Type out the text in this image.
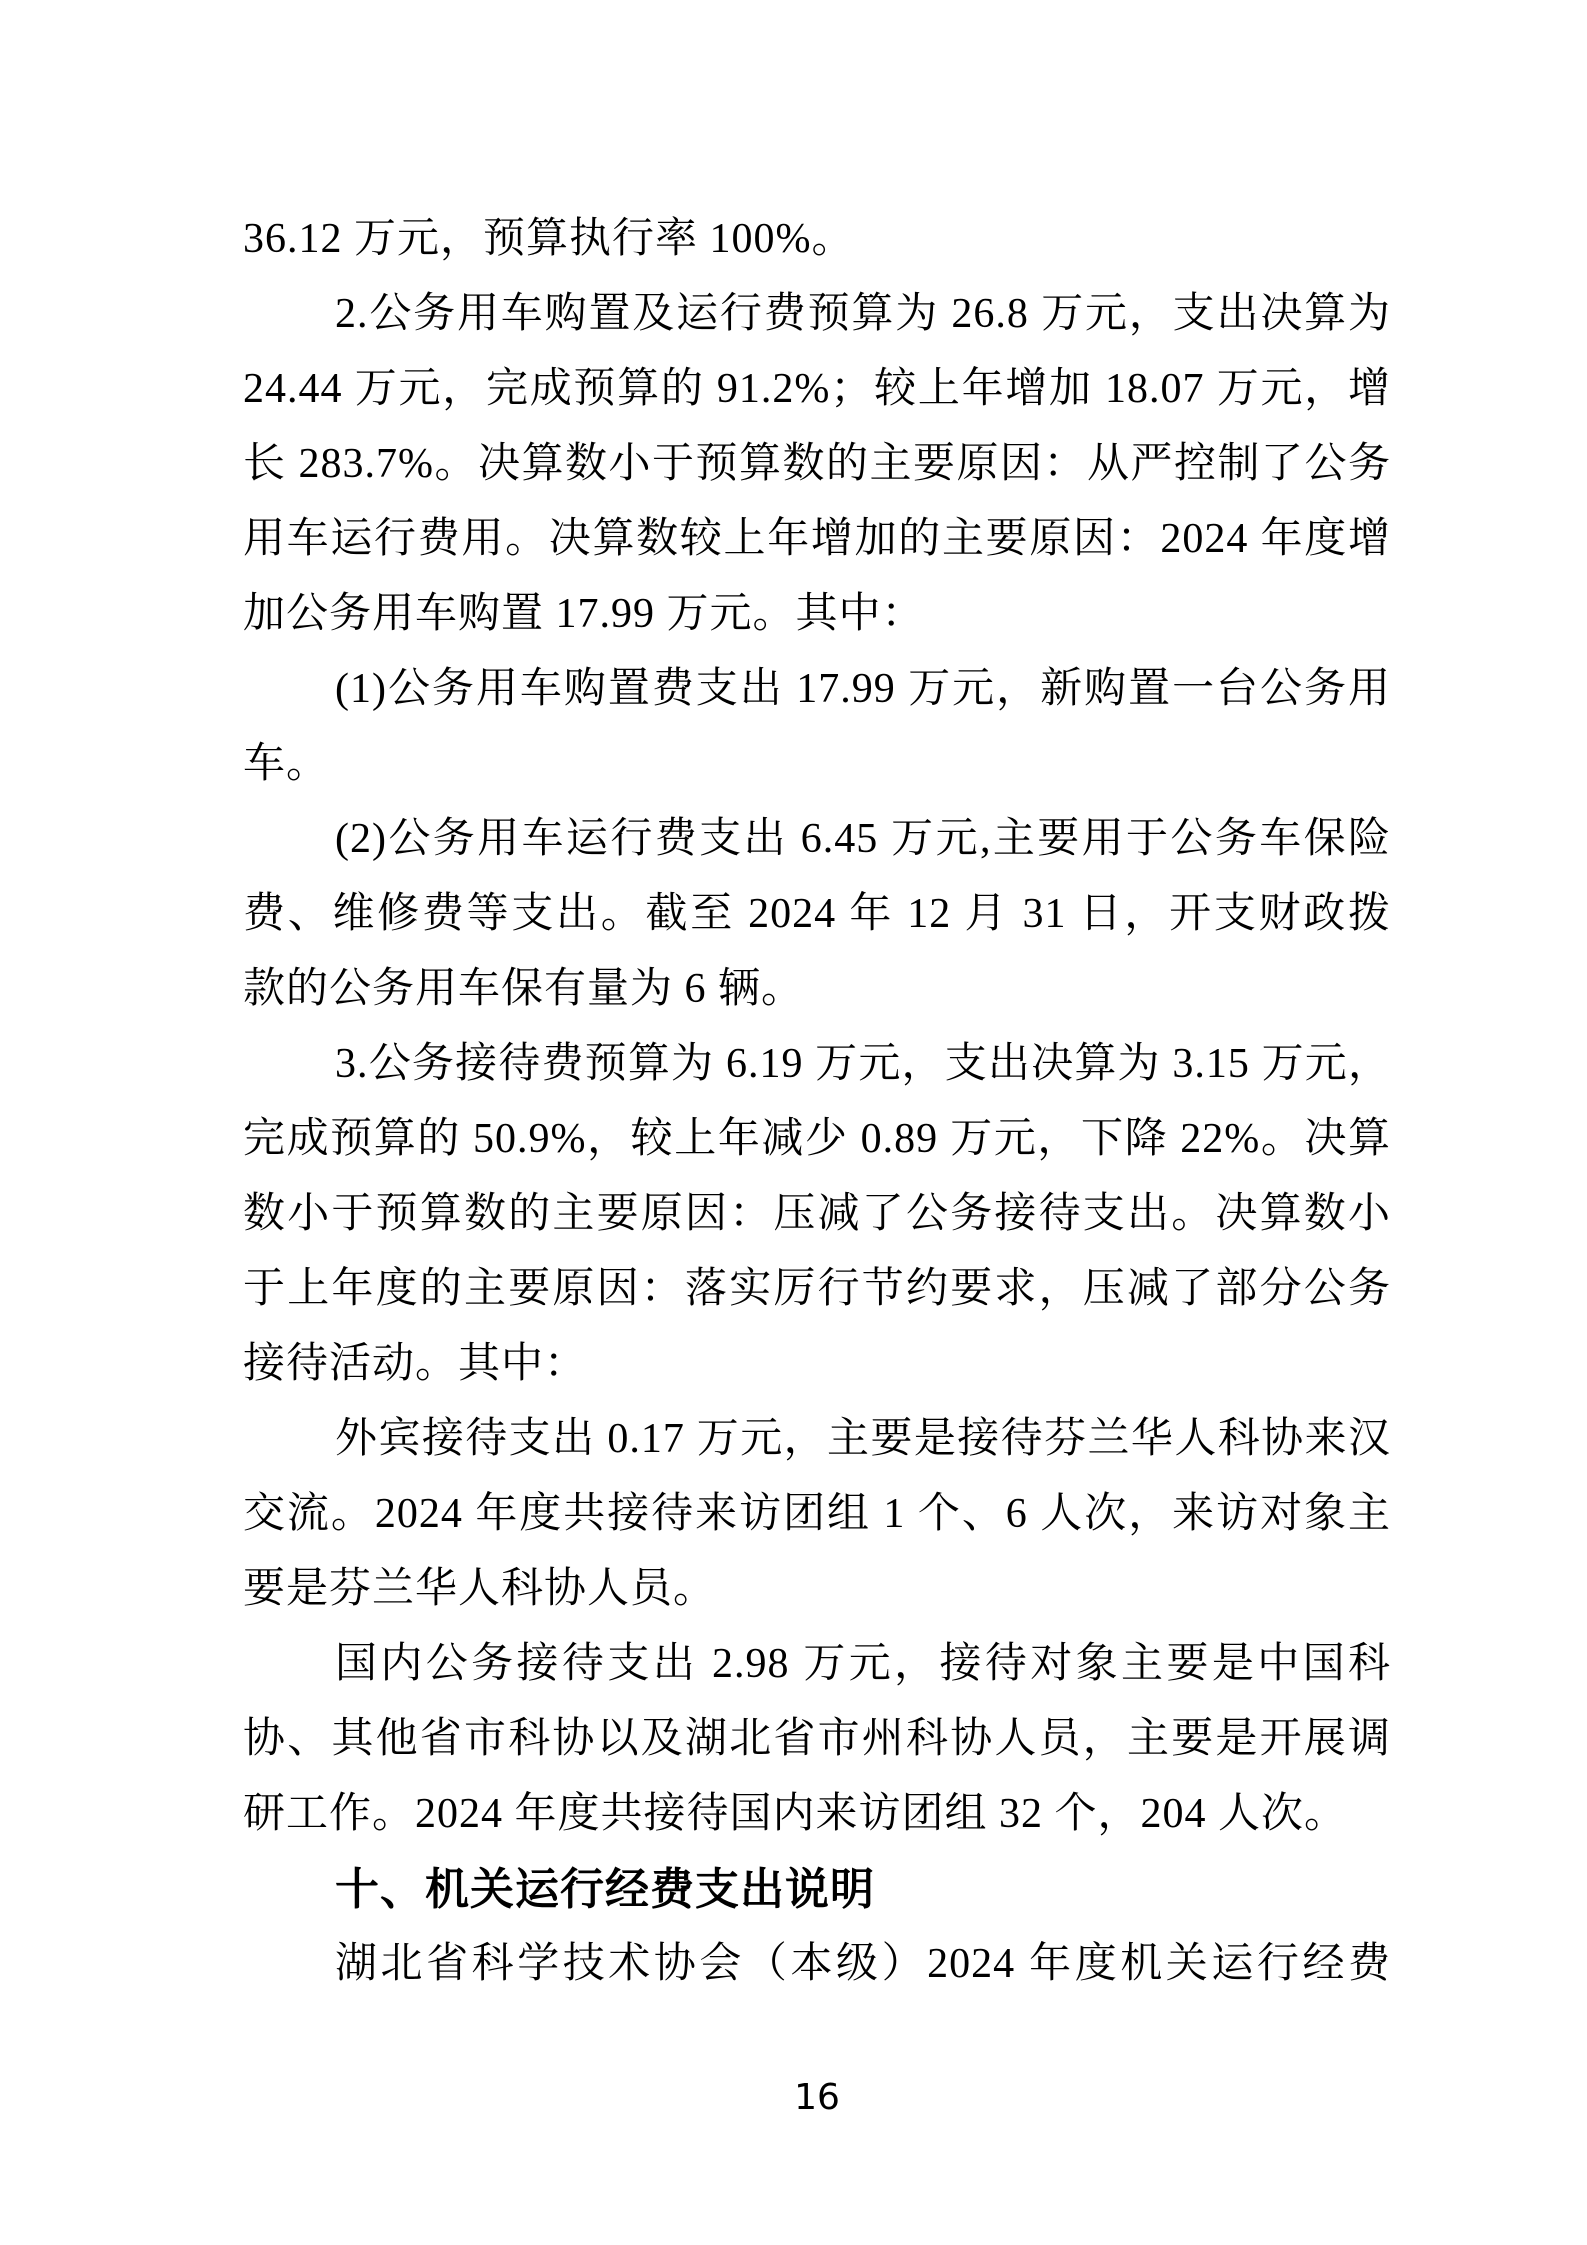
36.12 万元，预算执行率 100%。
2.公务用车购置及运行费预算为 26.8 万元，支出决算为
24.44 万元，完成预算的 91.2%；较上年增加 18.07 万元，增
长 283.7%。决算数小于预算数的主要原因：从严控制了公务
用车运行费用。决算数较上年增加的主要原因：2024 年度增
加公务用车购置 17.99 万元。其中：
(1)公务用车购置费支出 17.99 万元，新购置一台公务用
车。
(2)公务用车运行费支出 6.45 万元,主要用于公务车保险
费、维修费等支出。截至 2024 年 12 月 31 日，开支财政拨
款的公务用车保有量为 6 辆。
3.公务接待费预算为 6.19 万元，支出决算为 3.15 万元，
完成预算的 50.9%，较上年减少 0.89 万元，下降 22%。决算
数小于预算数的主要原因：压减了公务接待支出。决算数小
于上年度的主要原因：落实厉行节约要求，压减了部分公务
接待活动。其中：
外宾接待支出 0.17 万元，主要是接待芬兰华人科协来汉
交流。2024 年度共接待来访团组 1 个、6 人次，来访对象主
要是芬兰华人科协人员。
国内公务接待支出 2.98 万元，接待对象主要是中国科
协、其他省市科协以及湖北省市州科协人员，主要是开展调
研工作。2024 年度共接待国内来访团组 32 个，204 人次。
十、机关运行经费支出说明
湖北省科学技术协会（本级）2024 年度机关运行经费
16
